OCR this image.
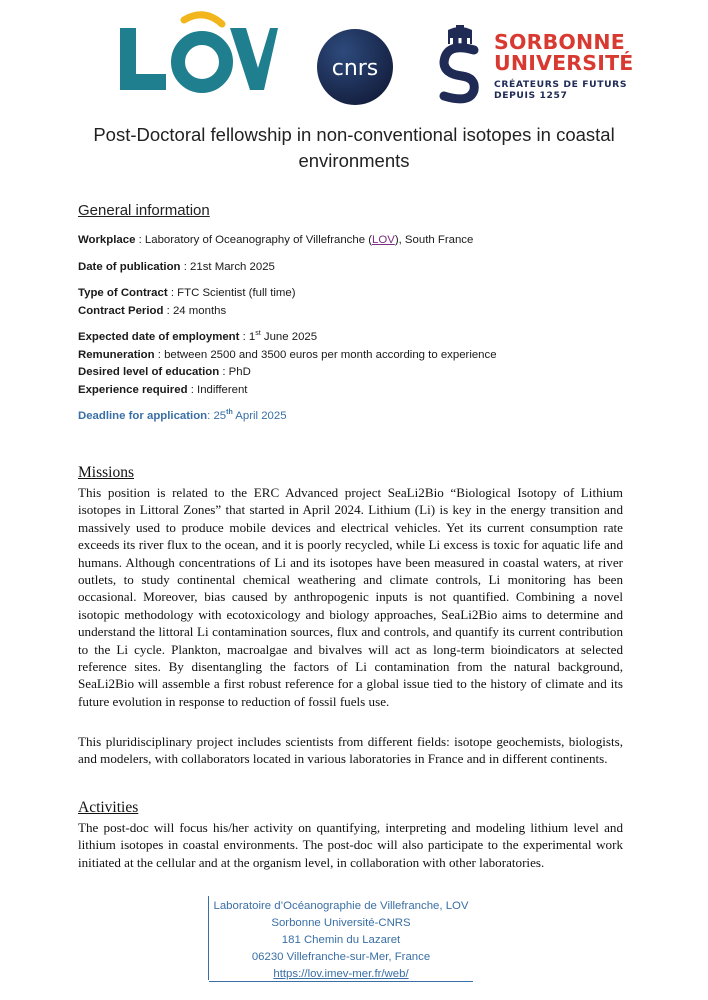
cnrs
SORBONNE
UNIVERSITÉ
CRÉATEURS DE FUTURS
DEPUIS 1257
Post-Doctoral fellowship in non-conventional isotopes in coastal
environments
General information
Workplace : Laboratory of Oceanography of Villefranche (LOV), South France
Date of publication : 21st March 2025
Type of Contract : FTC Scientist (full time)
Contract Period : 24 months
Expected date of employment : 1st June 2025
Remuneration : between 2500 and 3500 euros per month according to experience
Desired level of education : PhD
Experience required : Indifferent
Deadline for application: 25th April 2025
Missions

This position is related to the ERC Advanced project SeaLi2Bio “Biological Isotopy of Lithium isotopes in Littoral Zones” that started in April 2024. Lithium (Li) is key in the energy transition and massively used to produce mobile devices and electrical vehicles. Yet its current consumption rate exceeds its river flux to the ocean, and it is poorly recycled, while Li excess is toxic for aquatic life and humans. Although concentrations of Li and its isotopes have been measured in coastal waters, at river outlets, to study continental chemical weathering and climate controls, Li monitoring has been occasional. Moreover, bias caused by anthropogenic inputs is not quantified. Combining a novel isotopic methodology with ecotoxicology and biology approaches, SeaLi2Bio aims to determine and understand the littoral Li contamination sources, flux and controls, and quantify its current contribution to the Li cycle. Plankton, macroalgae and bivalves will act as long-term bioindicators at selected reference sites. By disentangling the factors of Li contamination from the natural background, SeaLi2Bio will assemble a first robust reference for a global issue tied to the history of climate and its future evolution in response to reduction of fossil fuels use.

This pluridisciplinary project includes scientists from different fields: isotope geochemists, biologists, and modelers, with collaborators located in various laboratories in France and in different continents.

Activities

The post-doc will focus his/her activity on quantifying, interpreting and modeling lithium level and lithium isotopes in coastal environments. The post-doc will also participate to the experimental work initiated at the cellular and at the organism level, in collaboration with other laboratories.

Laboratoire d’Océanographie de Villefranche, LOV
Sorbonne Université-CNRS
181 Chemin du Lazaret
06230 Villefranche-sur-Mer, France
https://lov.imev-mer.fr/web/
